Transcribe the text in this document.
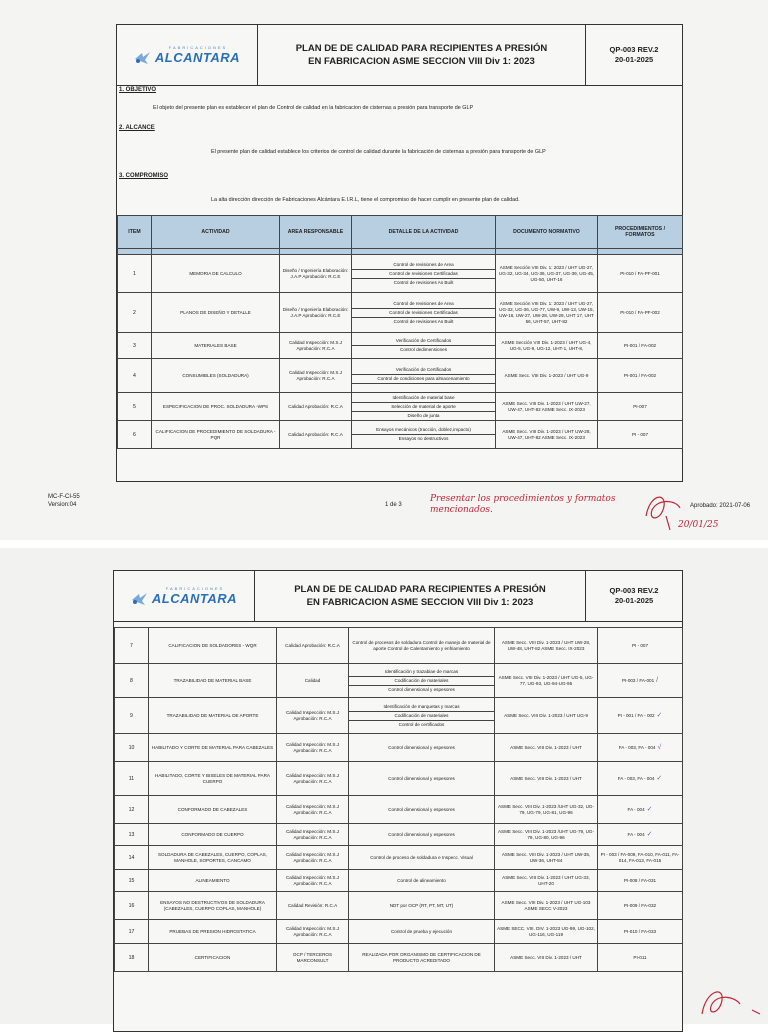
FABRICACIONES
ALCANTARA
PLAN DE DE CALIDAD PARA RECIPIENTES A PRESIÓN
EN FABRICACION ASME SECCION VIII Div 1: 2023
QP-003 REV.2
20-01-2025
1. OBJETIVO
El objeto del presente plan es establecer el plan de Control de calidad en la fabricacion de cisternas a presión para transporte de GLP
2. ALCANCE
El presente plan de calidad establece los criterios de control de calidad durante la fabricación de cisternas a presión para transporte de GLP
3. COMPROMISO
La alta dirección dirección de Fabricaciones Alcántara E.I.R.L, tiene el compromiso de hacer cumplir en presente plan de calidad.
ITEM	ACTIVIDAD	AREA RESPONSABLE	DETALLE DE LA ACTIVIDAD	DOCUMENTO NORMATIVO	PROCEDIMIENTOS / FORMATOS

1	MEMORIA DE CALCULO	Diseño / Ingeniería Elaboración: J.A.P Aprobación: R.C.E	Control de revisiones de Area
Control de revisiones Certificadas
Control de revisiones As Built	ASME Sección VIII Div. 1: 2023 / UHT UG-27, UG-32, UG-34, UG-36, UG-37, UG-39, UG-45, UG-50, UHT-16	PI-010 / FA-PF-001
2	PLANOS DE DISEÑO Y DETALLE	Diseño / Ingeniería Elaboración: J.A.P Aprobación: R.C.E	Control de revisiones de Area
Control de revisiones Certificadas
Control de revisiones As Built	ASME Sección VIII Div. 1: 2023 / UHT UG-27, UG-32, UG-36, UG-77, UW-9, UW-13, UW-15, UW-16, UW-27, UW-28, UW-29, UHT 17, UHT 56, UHT-57, UHT-82	PI-010 / FA-PF-002
3	MATERIALES BASE	Calidad Inspección: M.S.J Aprobación: R.C.A	Verificación de Certificados
Control dedimensiones	ASME Sección VIII Div. 1-2023 / UHT UG-4, UG-5, UG-9, UG-12, UHT-1, UHT-8,	PI-001 / FA-002
4	CONSUMIBLES (SOLDADURA)	Calidad Inspección: M.S.J Aprobación: R.C.A	Verificación de Certificados
Control de condiciones para almacenamiento	ASME Secc. VIII Div. 1-2023 / UHT UG-9	PI-001 / FA-002
5	ESPECIFICACION DE PROC. SOLDADURA -WPS	Calidad Aprobación: R.C.A	Identificación de material base
Selección de material de aporte
Diseño de junta	ASME Secc. VIII Div. 1-2023 / UHT UW-27, UW-47, UHT-82 ASME Secc. IX-2023	PI-007
6	CALIFICACION DE PROCEDIMIENTO DE SOLDADURA - PQR	Calidad Aprobación: R.C.A	Ensayos mecánicos (tracción, doblez,impacto)
Ensayos no destructivos	ASME Secc. VIII Div. 1-2023 / UHT UW-28, UW-47, UHT-82 ASME Secc. IX-2023	PI - 007
MC-F-CI-55
Version:04	1 de 3
Presentar los procedimientos y formatos mencionados.	Aprobado: 2021-07-06
20/01/25
FABRICACIONES
ALCANTARA
PLAN DE DE CALIDAD PARA RECIPIENTES A PRESIÓN
EN FABRICACION ASME SECCION VIII Div 1: 2023
QP-003 REV.2
20-01-2025
7	CALIFICACION DE SOLDADORES - WQR	Calidad Aprobación: R.C.A	Control de procesos de soldadura Control de manejo de material de aporte Control de Calentamiento y enfriamiento	ASME Secc. VIII Div. 1-2023 / UHT UW-28, UW-48, UHT-82 ASME Secc. IX-2023	PI - 007
8	TRAZABILIDAD DE MATERIAL BASE	Calidad	Identificación y trazabiae de marcas
Codificación de materiales
Control dimensional y espesores	ASME Secc. VIII Div. 1-2023 / UHT UG-5, UG-77, UG-93, UG-94-UG-95	PI-003 / FA-001 /
9	TRAZABILIDAD DE MATERIAL DE APORTE	Calidad Inspección: M.S.J Aprobación: R.C.A	Identificación de marquetas y marcas
Codificación de materiales
Control de certificados	ASME Secc. VIII Div. 1-2023 / UHT UG-9	PI - 001 / FA - 002 ✓
10	HABILITADO Y CORTE DE MATERIAL PARA CABEZALES	Calidad Inspección: M.S.J Aprobación: R.C.A	Control dimensional y espesores	ASME Secc. VIII Div. 1-2023 / UHT	FA - 003, FA - 004 √
11	HABILITADO, CORTE Y BISELES DE MATERIAL PARA CUERPO	Calidad Inspección: M.S.J Aprobación: R.C.A	Control dimensional y espesores	ASME Secc. VIII Div. 1-2023 / UHT	FA - 003, FA - 004 ✓
12	CONFORMADO DE CABEZALES	Calidad Inspección: M.S.J Aprobación: R.C.A	Control dimensional y espesores	ASME Secc. VIII Div. 1-2023 /UHT UG-32, UG-79, UG-79, UG-81, UG-96	FA - 004 ✓
13	CONFORMADO DE CUERPO	Calidad Inspección: M.S.J Aprobación: R.C.A	Control dimensional y espesores	ASME Secc. VIII Div. 1-2023 /UHT UG-79, UG-79, UG-80, UG-96	FA - 004 ✓
14	SOLDADURA DE CABEZALES, CUERPO, COPLAS, MANHOLE, SOPORTES, CANCAMO	Calidad Inspección: M.S.J Aprobación: R.C.A	Control de proceso de soldadura e Inspecc. Visual	ASME Secc. VIII Div. 1-2023 / UHT UW-35, UW-36, UHT-84	PI - 003 / FA-009, FA-010, FA-011, FA-014, FA-013, FA-015
15	ALINEAMIENTO	Calidad Inspección: M.S.J Aprobación: R.C.A	Control de alineamiento	ASME Secc. VIII Div. 1-2023 / UHT UG-33, UHT-20	PI-008 / FA-031
16	ENSAYOS NO DESTRUCTIVOS DE SOLDADURA (CABEZALES, CUERPO COPLAS, MANHOLE)	Calidad Revisión: R.C.A	NDT por OCP (RT, PT, MT, UT)	ASME Secc. VIII Div. 1-2023 / UHT UG-103 ASME SECC V-2023	PI-009 / FA-032
17	PRUEBAS DE PRESION HIDROSTATICA	Calidad Inspección: M.S.J Aprobación: R.C.A	Control de prueba y ejecución	ASME SECC. VIII. DIV. 1-2023 UG-99, UG-102, UG-116, UG-119	PI-010 / FA-033
18	CERTIFICACION	OCP / TERCEROS MARCONSULT	REALIZADA POR ORGANISMO DE CERTIFICACION DE PRODUCTO ACREDITADO	ASME Secc. VIII Div. 1-2023 / UHT	PI-011
